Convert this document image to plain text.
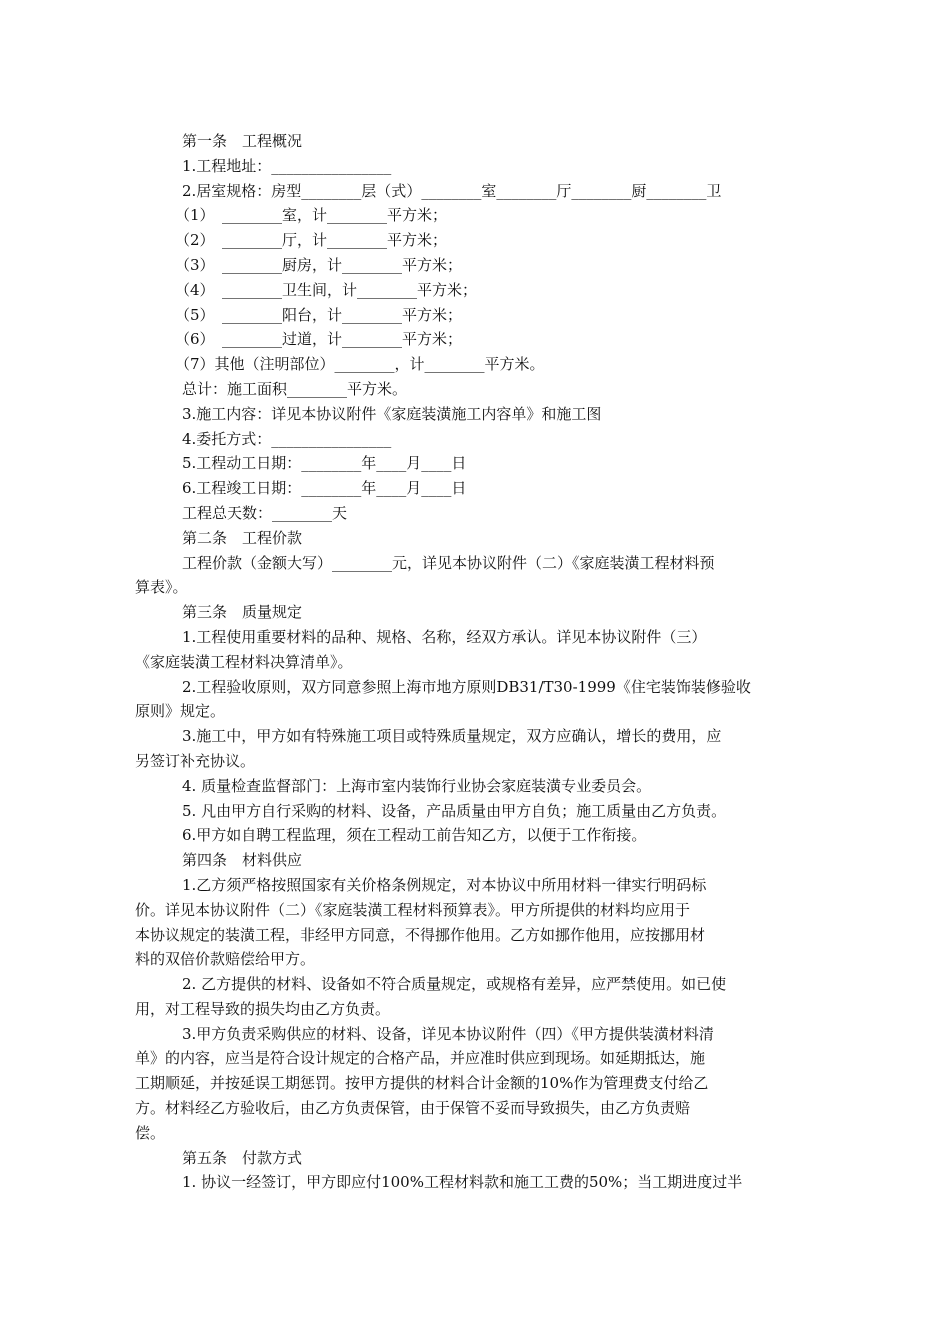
第一条　工程概况
1.工程地址：________________
2.居室规格：房型________层（式）________室________厅________厨________卫
（1）　________室，计________平方米；
（2）　________厅，计________平方米；
（3）　________厨房，计________平方米；
（4）　________卫生间，计________平方米；
（5）　________阳台，计________平方米；
（6）　________过道，计________平方米；
（7）其他（注明部位）________，计________平方米。
总计：施工面积________平方米。
3.施工内容：详见本协议附件《家庭装潢施工内容单》和施工图
4.委托方式：________________
5.工程动工日期：________年____月____日
6.工程竣工日期：________年____月____日
工程总天数：________天
第二条　工程价款
工程价款（金额大写）________元，详见本协议附件（二）《家庭装潢工程材料预
算表》。
第三条　质量规定
1.工程使用重要材料的品种、规格、名称，经双方承认。详见本协议附件（三）
《家庭装潢工程材料决算清单》。
2.工程验收原则，双方同意参照上海市地方原则DB31/T30-1999《住宅装饰装修验收
原则》规定。
3.施工中，甲方如有特殊施工项目或特殊质量规定，双方应确认，增长的费用，应
另签订补充协议。
4. 质量检查监督部门：上海市室内装饰行业协会家庭装潢专业委员会。
5. 凡由甲方自行采购的材料、设备，产品质量由甲方自负；施工质量由乙方负责。
6.甲方如自聘工程监理，须在工程动工前告知乙方，以便于工作衔接。
第四条　材料供应
1.乙方须严格按照国家有关价格条例规定，对本协议中所用材料一律实行明码标
价。详见本协议附件（二）《家庭装潢工程材料预算表》。甲方所提供的材料均应用于
本协议规定的装潢工程，非经甲方同意，不得挪作他用。乙方如挪作他用，应按挪用材
料的双倍价款赔偿给甲方。
2. 乙方提供的材料、设备如不符合质量规定，或规格有差异，应严禁使用。如已使
用，对工程导致的损失均由乙方负责。
3.甲方负责采购供应的材料、设备，详见本协议附件（四）《甲方提供装潢材料清
单》的内容，应当是符合设计规定的合格产品，并应准时供应到现场。如延期抵达，施
工期顺延，并按延误工期惩罚。按甲方提供的材料合计金额的10%作为管理费支付给乙
方。材料经乙方验收后，由乙方负责保管，由于保管不妥而导致损失，由乙方负责赔
偿。
第五条　付款方式
1. 协议一经签订，甲方即应付100%工程材料款和施工工费的50%；当工期进度过半
